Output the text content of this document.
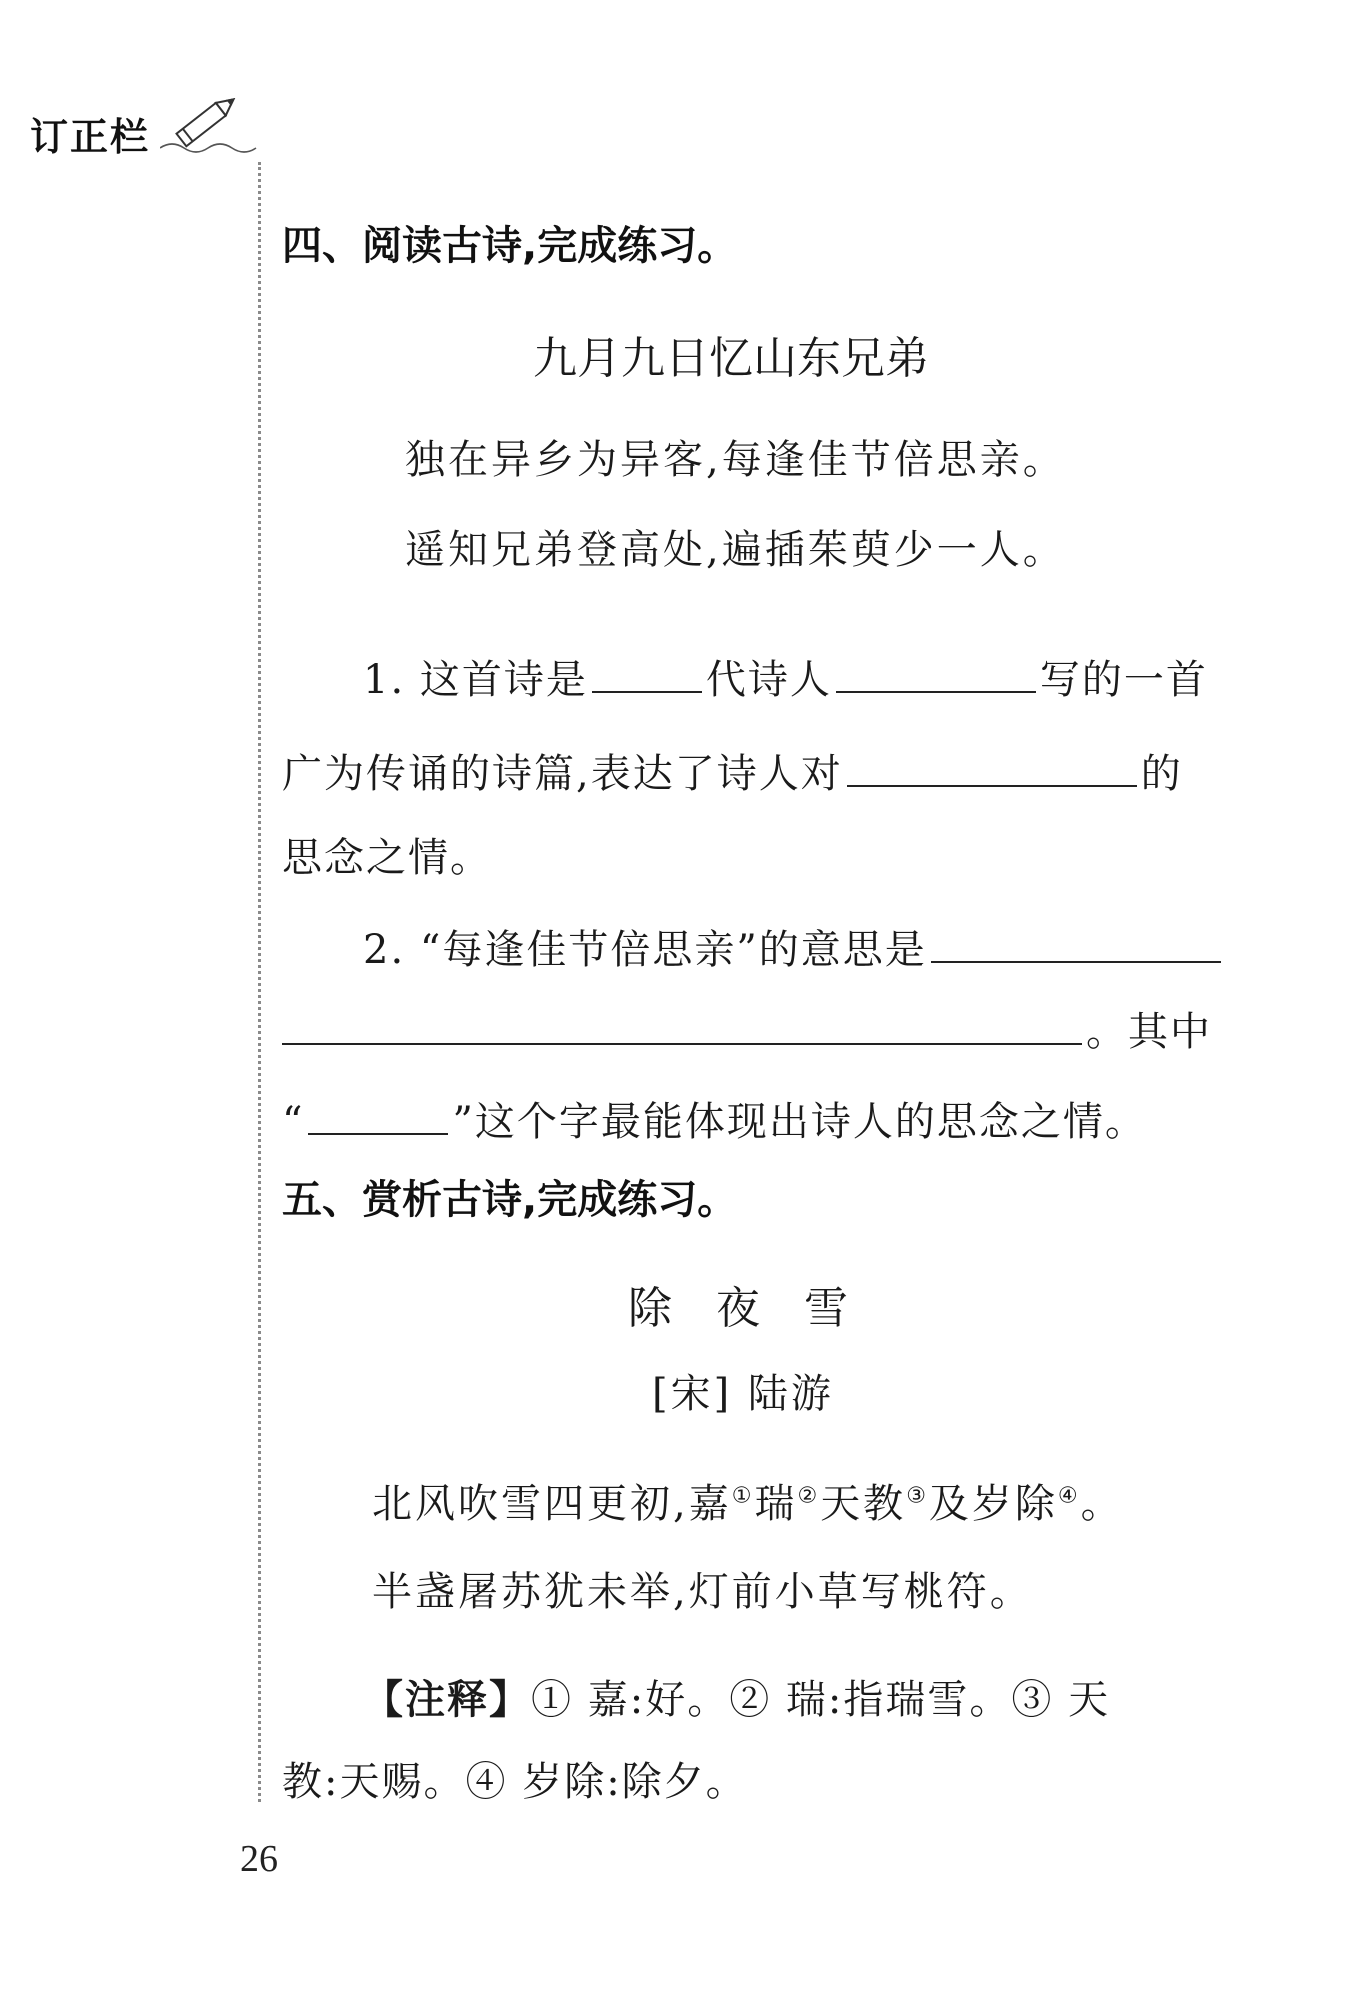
订正栏
四、阅读古诗,完成练习。
九月九日忆山东兄弟
独在异乡为异客,每逢佳节倍思亲。
遥知兄弟登高处,遍插茱萸少一人。
1. 这首诗是	代诗人	写的一首
广为传诵的诗篇,表达了诗人对	的
思念之情。
2. “每逢佳节倍思亲”的意思是
。其中
“	”这个字最能体现出诗人的思念之情。
五、赏析古诗,完成练习。
除　夜　雪
[宋] 陆游
北风吹雪四更初,嘉①瑞②天教③及岁除④。
半盏屠苏犹未举,灯前小草写桃符。
【注释】① 嘉:好。② 瑞:指瑞雪。③ 天
教:天赐。④ 岁除:除夕。
26
